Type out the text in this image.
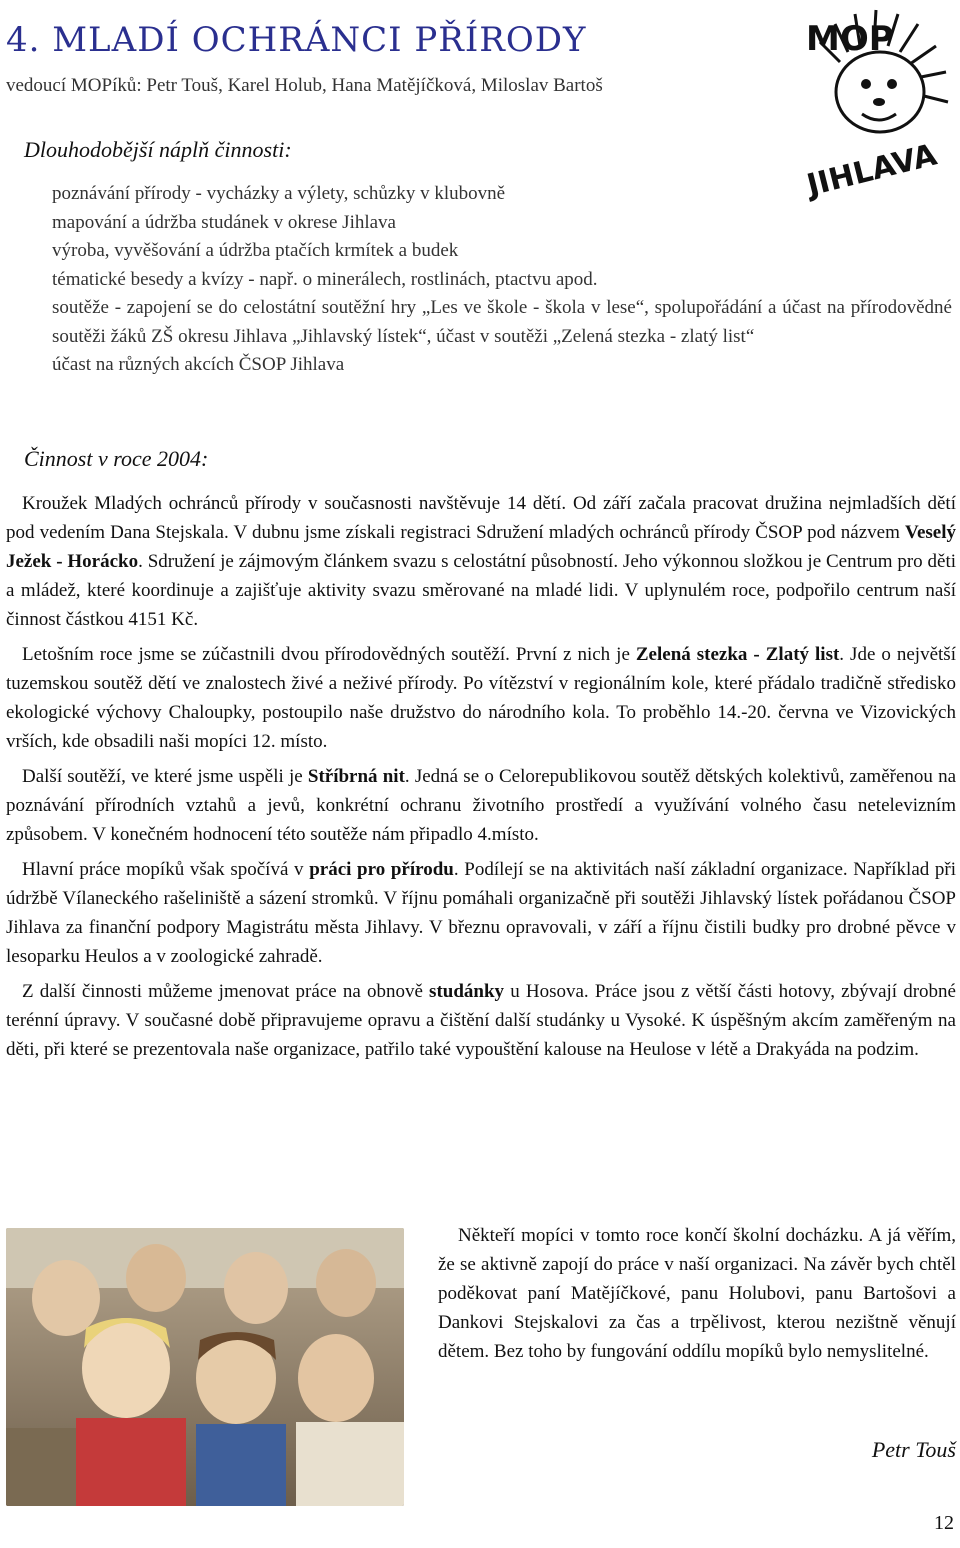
4. MLADÍ OCHRÁNCI PŘÍRODY
vedoucí MOPíků: Petr Touš, Karel Holub, Hana Matějíčková, Miloslav Bartoš
MOP
JIHLAVA
Dlouhodobější náplň činnosti:
poznávání přírody - vycházky a výlety, schůzky v klubovně
mapování a údržba studánek v okrese Jihlava
výroba, vyvěšování a údržba ptačích krmítek a budek
tématické besedy a kvízy - např. o minerálech, rostlinách, ptactvu apod.
soutěže - zapojení se do celostátní soutěžní hry „Les ve škole - škola v lese“, spolupořádání a účast na přírodovědné soutěži žáků ZŠ okresu Jihlava „Jihlavský lístek“, účast v soutěži „Zelená stezka - zlatý list“
účast na různých akcích ČSOP Jihlava
Činnost v roce 2004:

Kroužek Mladých ochránců přírody v současnosti navštěvuje 14 dětí. Od září začala pracovat družina nejmladších dětí pod vedením Dana Stejskala. V dubnu jsme získali registraci Sdružení mladých ochránců přírody ČSOP pod názvem Veselý Ježek - Horácko. Sdružení je zájmovým článkem svazu s celostátní působností. Jeho výkonnou složkou je Centrum pro děti a mládež, které koordinuje a zajišťuje aktivity svazu směrované na mladé lidi. V uplynulém roce, podpořilo centrum naší činnost částkou 4151 Kč.

Letošním roce jsme se zúčastnili dvou přírodovědných soutěží. První z nich je Zelená stezka - Zlatý list. Jde o největší tuzemskou soutěž dětí ve znalostech živé a neživé přírody. Po vítězství v regionálním kole, které přádalo tradičně středisko ekologické výchovy Chaloupky, postoupilo naše družstvo do národního kola. To proběhlo 14.-20. června ve Vizovických vrších, kde obsadili naši mopíci 12. místo.

Další soutěží, ve které jsme uspěli je Stříbrná nit. Jedná se o Celorepublikovou soutěž dětských kolektivů, zaměřenou na poznávání přírodních vztahů a jevů, konkrétní ochranu životního prostředí a využívání volného času netelevizním způsobem. V konečném hodnocení této soutěže nám připadlo 4.místo.

Hlavní práce mopíků však spočívá v práci pro přírodu. Podílejí se na aktivitách naší základní organizace. Například při údržbě Vílaneckého rašeliniště a sázení stromků. V říjnu pomáhali organizačně při soutěži Jihlavský lístek pořádanou ČSOP Jihlava za finanční podpory Magistrátu města Jihlavy. V březnu opravovali, v září a říjnu čistili budky pro drobné pěvce v lesoparku Heulos a v zoologické zahradě.

Z další činnosti můžeme jmenovat práce na obnově studánky u Hosova. Práce jsou z větší části hotovy, zbývají drobné terénní úpravy. V současné době připravujeme opravu a čištění další studánky u Vysoké. K úspěšným akcím zaměřeným na děti, při které se prezentovala naše organizace, patřilo také vypouštění kalouse na Heulose v létě a Drakyáda na podzim.

Někteří mopíci v tomto roce končí školní docházku. A já věřím, že se aktivně zapojí do práce v naší organizaci. Na závěr bych chtěl poděkovat paní Matějíčkové, panu Holubovi, panu Bartošovi a Dankovi Stejskalovi za čas a trpělivost, kterou nezištně věnují dětem. Bez toho by fungování oddílu mopíků bylo nemyslitelné.
Petr Touš
12
